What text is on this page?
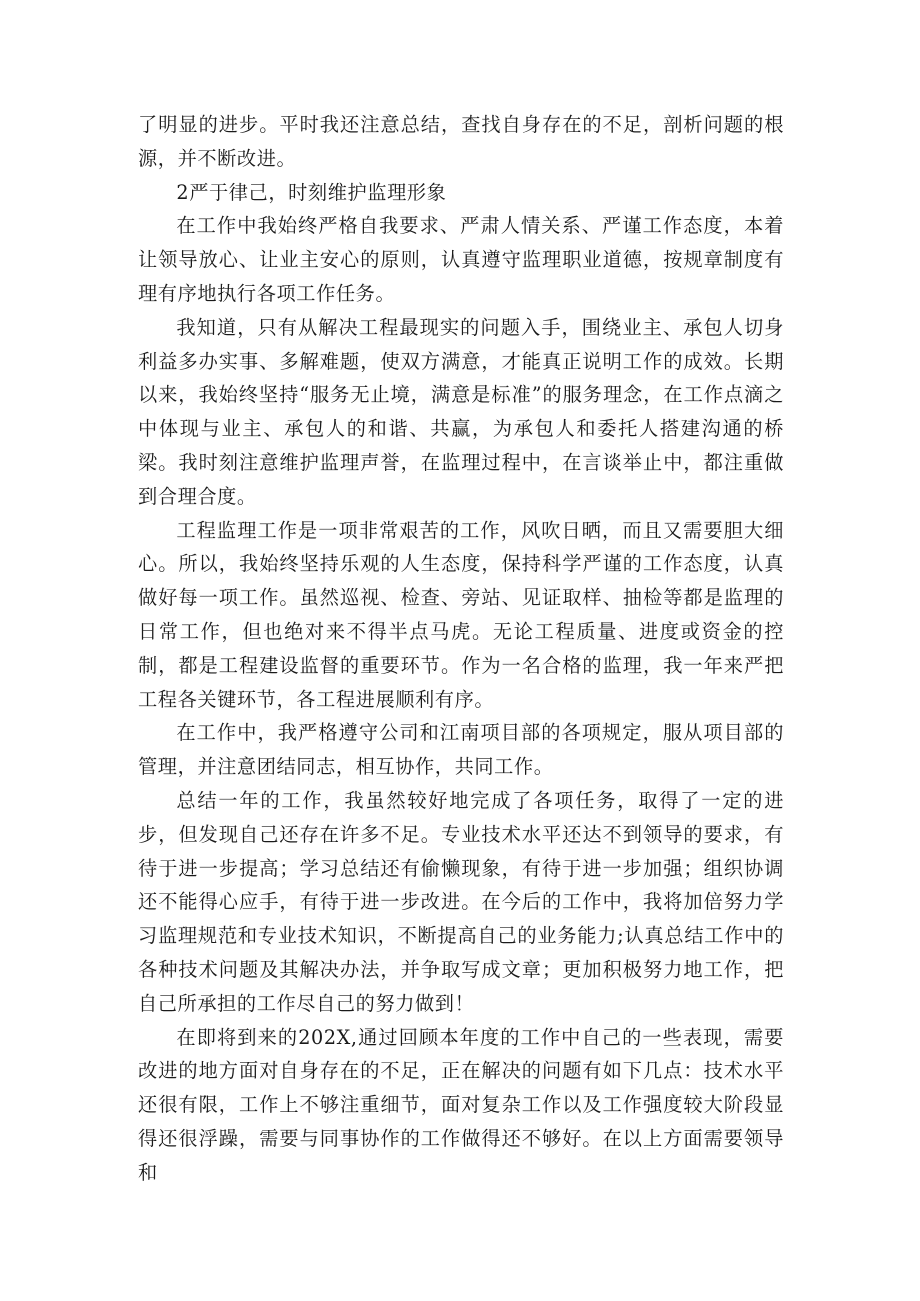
了明显的进步。平时我还注意总结，查找自身存在的不足，剖析问题的根源，并不断改进。

2严于律己，时刻维护监理形象

在工作中我始终严格自我要求、严肃人情关系、严谨工作态度，本着让领导放心、让业主安心的原则，认真遵守监理职业道德，按规章制度有理有序地执行各项工作任务。

我知道，只有从解决工程最现实的问题入手，围绕业主、承包人切身利益多办实事、多解难题，使双方满意，才能真正说明工作的成效。长期以来，我始终坚持“服务无止境，满意是标准”的服务理念，在工作点滴之中体现与业主、承包人的和谐、共赢，为承包人和委托人搭建沟通的桥梁。我时刻注意维护监理声誉，在监理过程中，在言谈举止中，都注重做到合理合度。

工程监理工作是一项非常艰苦的工作，风吹日晒，而且又需要胆大细心。所以，我始终坚持乐观的人生态度，保持科学严谨的工作态度，认真做好每一项工作。虽然巡视、检查、旁站、见证取样、抽检等都是监理的日常工作，但也绝对来不得半点马虎。无论工程质量、进度或资金的控制，都是工程建设监督的重要环节。作为一名合格的监理，我一年来严把工程各关键环节，各工程进展顺利有序。

在工作中，我严格遵守公司和江南项目部的各项规定，服从项目部的管理，并注意团结同志，相互协作，共同工作。

总结一年的工作，我虽然较好地完成了各项任务，取得了一定的进步，但发现自己还存在许多不足。专业技术水平还达不到领导的要求，有待于进一步提高；学习总结还有偷懒现象，有待于进一步加强；组织协调还不能得心应手，有待于进一步改进。在今后的工作中，我将加倍努力学习监理规范和专业技术知识，不断提高自己的业务能力;认真总结工作中的各种技术问题及其解决办法，并争取写成文章；更加积极努力地工作，把自己所承担的工作尽自己的努力做到！

在即将到来的202X,通过回顾本年度的工作中自己的一些表现，需要改进的地方面对自身存在的不足，正在解决的问题有如下几点：技术水平还很有限，工作上不够注重细节，面对复杂工作以及工作强度较大阶段显得还很浮躁，需要与同事协作的工作做得还不够好。在以上方面需要领导和
